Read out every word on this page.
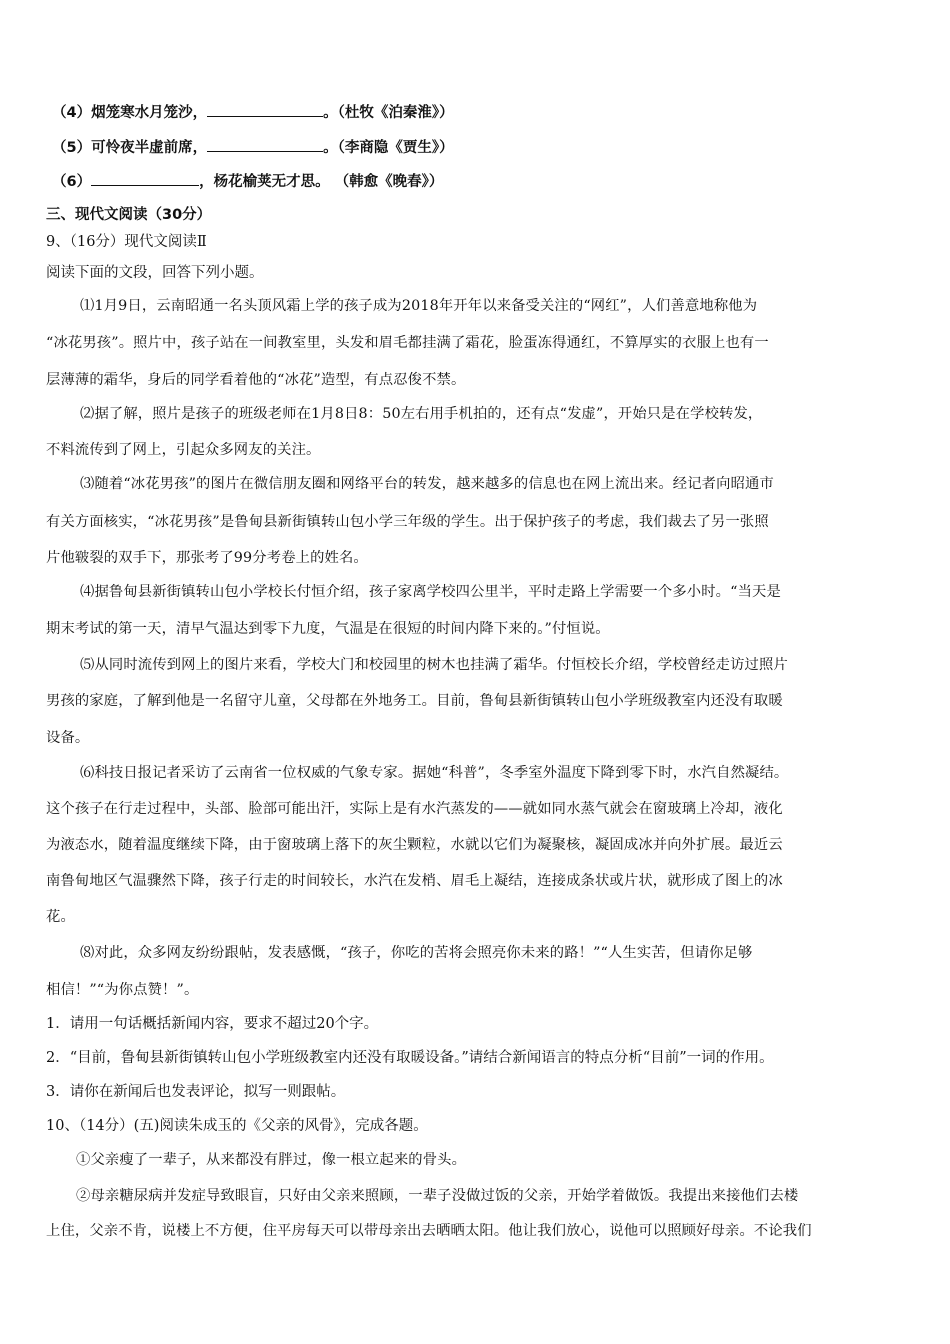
（4）烟笼寒水月笼沙，	。（杜牧《泊秦淮》）
（5）可怜夜半虚前席，	。（李商隐《贾生》）
（6）	，杨花榆荚无才思。 （韩愈《晚春》）
三、现代文阅读（30分）
9、（16分）现代文阅读Ⅱ
阅读下面的文段，回答下列小题。
⑴1月9日，云南昭通一名头顶风霜上学的孩子成为2018年开年以来备受关注的“网红”，人们善意地称他为
“冰花男孩”。照片中，孩子站在一间教室里，头发和眉毛都挂满了霜花，脸蛋冻得通红，不算厚实的衣服上也有一
层薄薄的霜华，身后的同学看着他的“冰花”造型，有点忍俊不禁。
⑵据了解，照片是孩子的班级老师在1月8日8：50左右用手机拍的，还有点“发虚”，开始只是在学校转发，
不料流传到了网上，引起众多网友的关注。
⑶随着“冰花男孩”的图片在微信朋友圈和网络平台的转发，越来越多的信息也在网上流出来。经记者向昭通市
有关方面核实，“冰花男孩”是鲁甸县新街镇转山包小学三年级的学生。出于保护孩子的考虑，我们裁去了另一张照
片他皲裂的双手下，那张考了99分考卷上的姓名。
⑷据鲁甸县新街镇转山包小学校长付恒介绍，孩子家离学校四公里半，平时走路上学需要一个多小时。“当天是
期末考试的第一天，清早气温达到零下九度，气温是在很短的时间内降下来的。”付恒说。
⑸从同时流传到网上的图片来看，学校大门和校园里的树木也挂满了霜华。付恒校长介绍，学校曾经走访过照片
男孩的家庭，了解到他是一名留守儿童，父母都在外地务工。目前，鲁甸县新街镇转山包小学班级教室内还没有取暖
设备。
⑹科技日报记者采访了云南省一位权威的气象专家。据她“科普”，冬季室外温度下降到零下时，水汽自然凝结。
这个孩子在行走过程中，头部、脸部可能出汗，实际上是有水汽蒸发的——就如同水蒸气就会在窗玻璃上冷却，液化
为液态水，随着温度继续下降，由于窗玻璃上落下的灰尘颗粒，水就以它们为凝聚核，凝固成冰并向外扩展。最近云
南鲁甸地区气温骤然下降，孩子行走的时间较长，水汽在发梢、眉毛上凝结，连接成条状或片状，就形成了图上的冰
花。
⑻对此，众多网友纷纷跟帖，发表感慨，“孩子，你吃的苦将会照亮你未来的路！”“人生实苦，但请你足够
相信！”“为你点赞！”。
1．请用一句话概括新闻内容，要求不超过20个字。
2．“目前，鲁甸县新街镇转山包小学班级教室内还没有取暖设备。”请结合新闻语言的特点分析“目前”一词的作用。
3．请你在新闻后也发表评论，拟写一则跟帖。
10、（14分）(五)阅读朱成玉的《父亲的风骨》，完成各题。
①父亲瘦了一辈子，从来都没有胖过，像一根立起来的骨头。
②母亲糖尿病并发症导致眼盲，只好由父亲来照顾，一辈子没做过饭的父亲，开始学着做饭。我提出来接他们去楼
上住，父亲不肯，说楼上不方便，住平房每天可以带母亲出去晒晒太阳。他让我们放心，说他可以照顾好母亲。不论我们
